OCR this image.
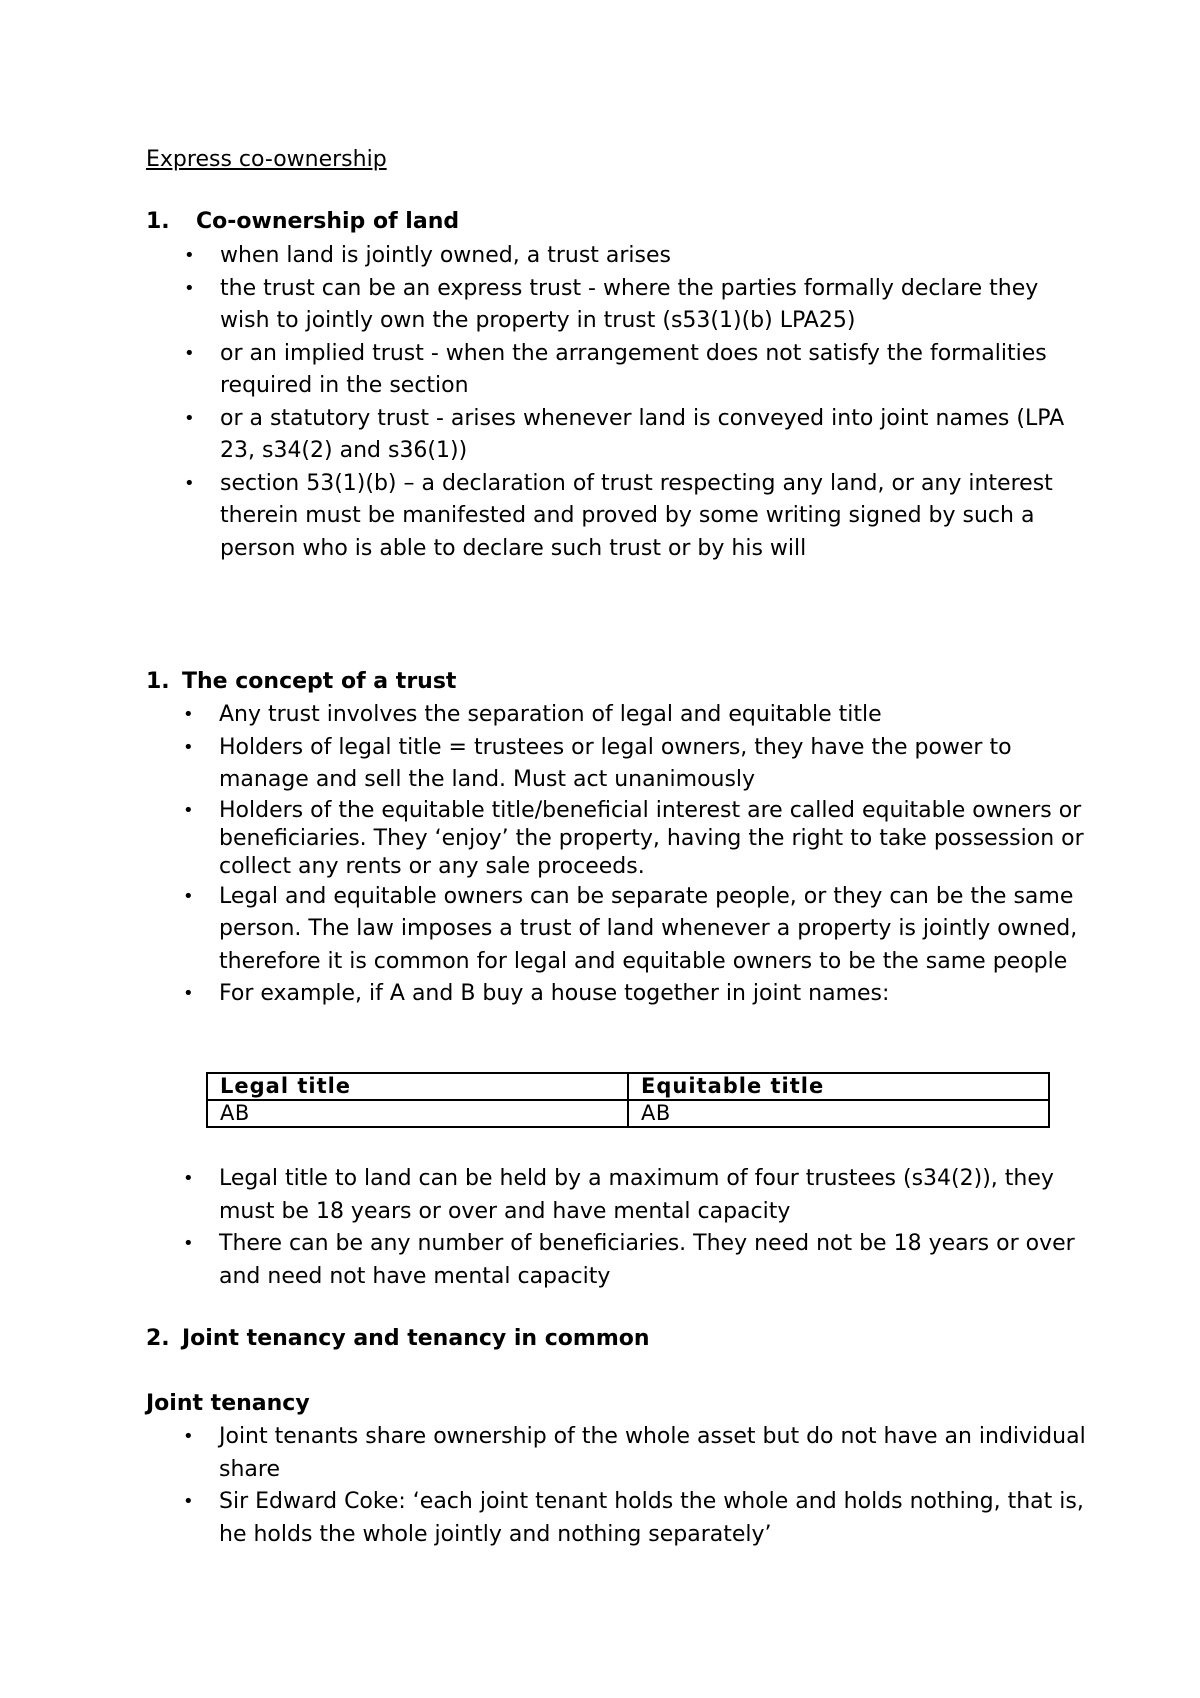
Express co-ownership
1. Co-ownership of land
• when land is jointly owned, a trust arises
• the trust can be an express trust - where the parties formally declare they wish to jointly own the property in trust (s53(1)(b) LPA25)
• or an implied trust - when the arrangement does not satisfy the formalities required in the section
• or a statutory trust - arises whenever land is conveyed into joint names (LPA 23, s34(2) and s36(1))
• section 53(1)(b) – a declaration of trust respecting any land, or any interest therein must be manifested and proved by some writing signed by such a person who is able to declare such trust or by his will
1. The concept of a trust
• Any trust involves the separation of legal and equitable title
• Holders of legal title = trustees or legal owners, they have the power to manage and sell the land. Must act unanimously
• Holders of the equitable title/beneficial interest are called equitable owners or beneficiaries. They ‘enjoy’ the property, having the right to take possession or collect any rents or any sale proceeds.
• Legal and equitable owners can be separate people, or they can be the same person. The law imposes a trust of land whenever a property is jointly owned, therefore it is common for legal and equitable owners to be the same people
• For example, if A and B buy a house together in joint names:
Legal title	Equitable title
AB	AB
• Legal title to land can be held by a maximum of four trustees (s34(2)), they must be 18 years or over and have mental capacity
• There can be any number of beneficiaries. They need not be 18 years or over and need not have mental capacity
2. Joint tenancy and tenancy in common
Joint tenancy
• Joint tenants share ownership of the whole asset but do not have an individual share
• Sir Edward Coke: ‘each joint tenant holds the whole and holds nothing, that is, he holds the whole jointly and nothing separately’
